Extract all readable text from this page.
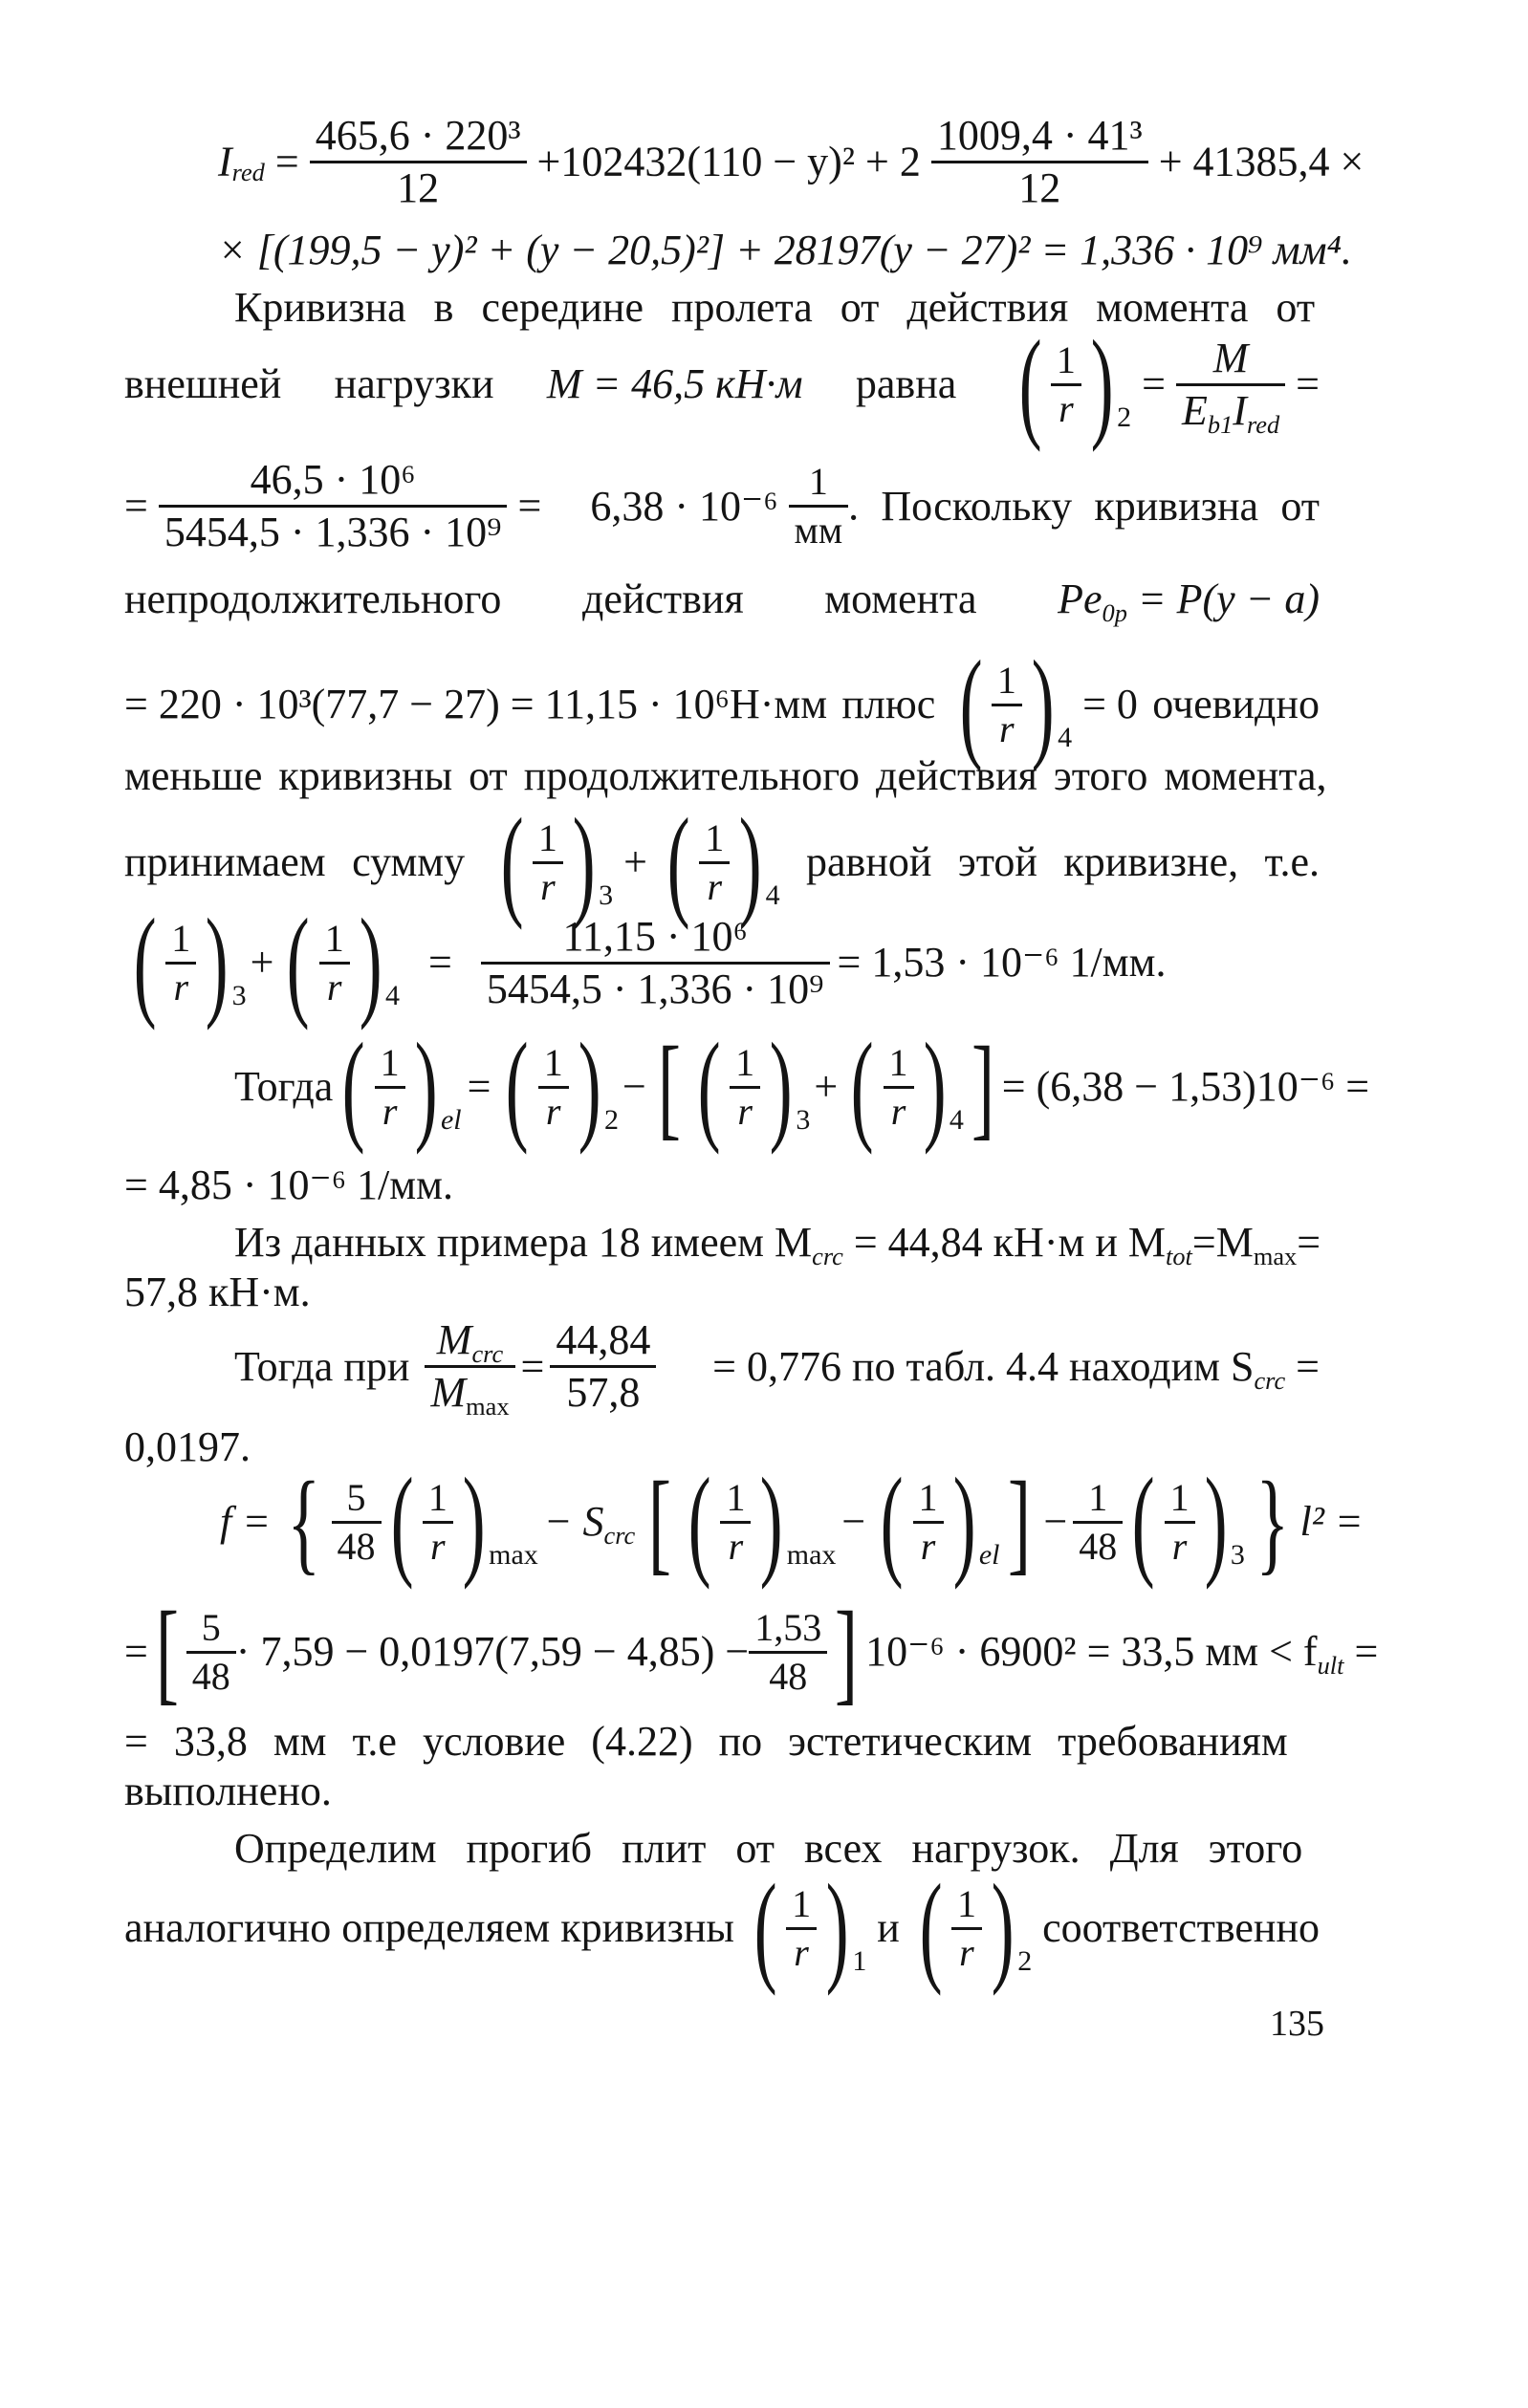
$I_{red} = \frac{\text{465,6 · 220³}}{12} +102432(110 - y)^2 + 2 \frac{\text{1009,4 · 41³}}{12} + 41385,4$ ×
× [(199,5 − y)² + (y − 20,5)²] + 28197(y − 27)² = 1,336 · 10⁹ мм⁴.
Кривизна в середине пролета от действия момента от
внешней нагрузки M = 46,5 кН·м равна ( $\frac{1}{r}$ ) 2
= $\frac{M}{E_{b1}I_{red}}$ =
= $\frac{\text{46,5 · 10⁶}}{\text{5454,5 · 1,336 · 10⁹}} = 6,38 \cdot 10^{-6} \frac{1}{мм}$ . Поскольку кривизна от
непродолжительного действия момента $Pe_{0p} = P(y - a)$
= 220 · 10³(77,7 − 27) = 11,15 · 10⁶Н·мм плюс ( $\frac{1}{r}$ ) 4
= 0 очевидно
меньше кривизны от продолжительного действия этого момента,
принимаем сумму ( $\frac{1}{r}$ ) 3
+ ( $\frac{1}{r}$ ) 4
равной этой кривизне, т.е.
( $\frac{1}{r}$ ) 3
+ ( $\frac{1}{r}$ ) 4
= $\frac{\text{11,15 · 10⁶}}{\text{5454,5 · 1,336 · 10⁹}} = 1,53 \cdot 10^{-6}$ 1/мм.
Тогда ( $\frac{1}{r}$ ) el
= ( $\frac{1}{r}$ ) 2
− [ ( $\frac{1}{r}$ ) 3
+ ( $\frac{1}{r}$ ) 4 ] = (6,38 − 1,53)10⁻⁶ =
= 4,85 · 10⁻⁶ 1/мм.
Из данных примера 18 имеем $M_{crc} = 44,84$ кН·м и $M_{tot}=M_{max}=$
57,8 кН·м.
Тогда при $\frac{M_{crc}}{M_{max}} = \frac{44,84}{57,8} = 0,776$ по табл. 4.4 находим $S_{crc}$ =
0,0197.
f = { $\frac{5}{48}$ ( $\frac{1}{r}$ ) max
− $S_{crc}$ [ ( $\frac{1}{r}$ ) max
− ( $\frac{1}{r}$ ) el ] − $\frac{1}{48}$ ( $\frac{1}{r}$ ) 3 } l² =
= [ $\frac{5}{48} \cdot 7,59 - 0,0197(7,59 - 4,85) - \frac{1,53}{48}$ ] 10⁻⁶ · 6900² = 33,5 мм < $f_{ult}$ =
= 33,8 мм т.е условие (4.22) по эстетическим требованиям
выполнено.
Определим прогиб плит от всех нагрузок. Для этого
аналогично определяем кривизны ( $\frac{1}{r}$ ) 1
и ( $\frac{1}{r}$ ) 2
соответственно
135
